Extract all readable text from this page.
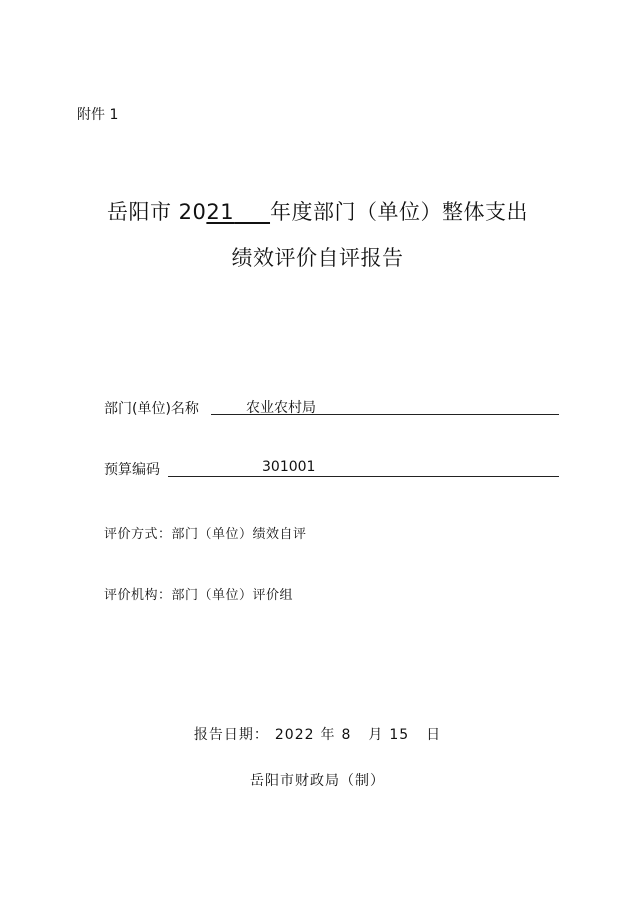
附件 1
岳阳市 2021 年度部门（单位）整体支出
绩效评价自评报告
部门(单位)名称	农业农村局
预算编码	301001
评价方式：部门（单位）绩效自评
评价机构：部门（单位）评价组
报告日期： 2022 年 8 月 15 日
岳阳市财政局（制）
